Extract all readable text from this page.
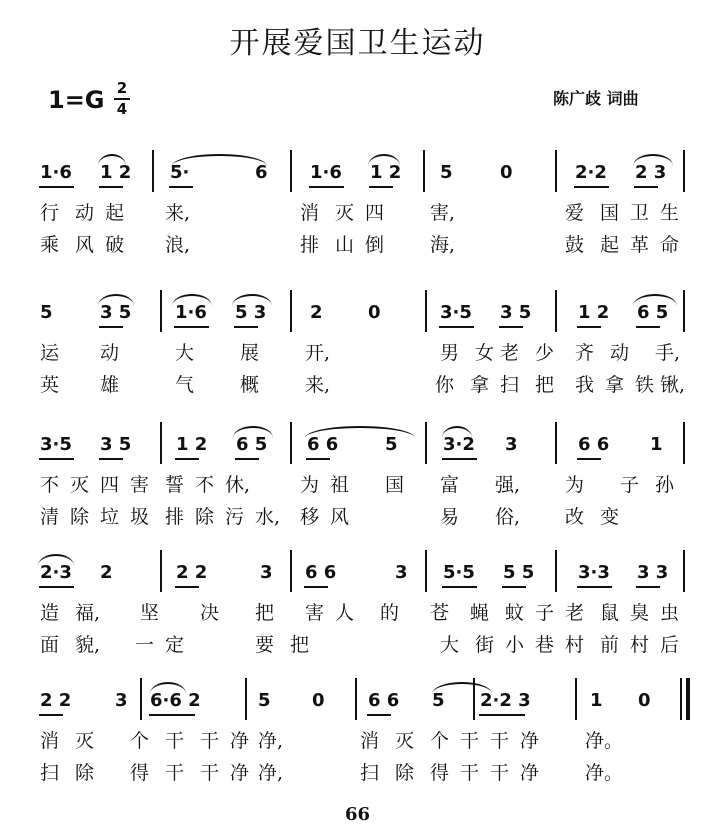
开展爱国卫生运动
1=G 2
4
陈广歧 词曲
1·6 1 2 5·	6 1·6 1 2 5	0	2·2 2 3
行 动 起 来,	消 灭 四 害,	爱 国 卫 生
乘 风 破 浪,	排 山 倒 海,	鼓 起 革 命
5	3 5 1·6 5 3 2	0	3·5 3 5	1 2 6 5
运 动	大 展 开,	男 女 老 少 齐 动 手,
英 雄	气 概 来,	你 拿 扫 把 我 拿 铁 锹,
3·5 3 5 1 2 6 5 6 6	5	3·2 3	6 6 1
不 灭 四 害 誓 不 休,	为 祖 国 富 强, 为 子 孙
清 除 垃 圾 排 除 污 水, 移 风	易 俗, 改 变
2·3 2	2 2	3 6 6	3 5·5 5 5 3·3 3 3
造 福, 坚 决 把 害 人 的 苍 蝇 蚊 子 老 鼠 臭 虫
面 貌, 一 定	要 把	大 街 小 巷 村 前 村 后
2 2 3 6·6 2	5 0 6 6 5 2·2 3	1 0
消 灭 个 干 干 净 净,	消 灭 个 干 干 净 净。
扫 除 得 干 干 净 净,	扫 除 得 干 干 净 净。
66
